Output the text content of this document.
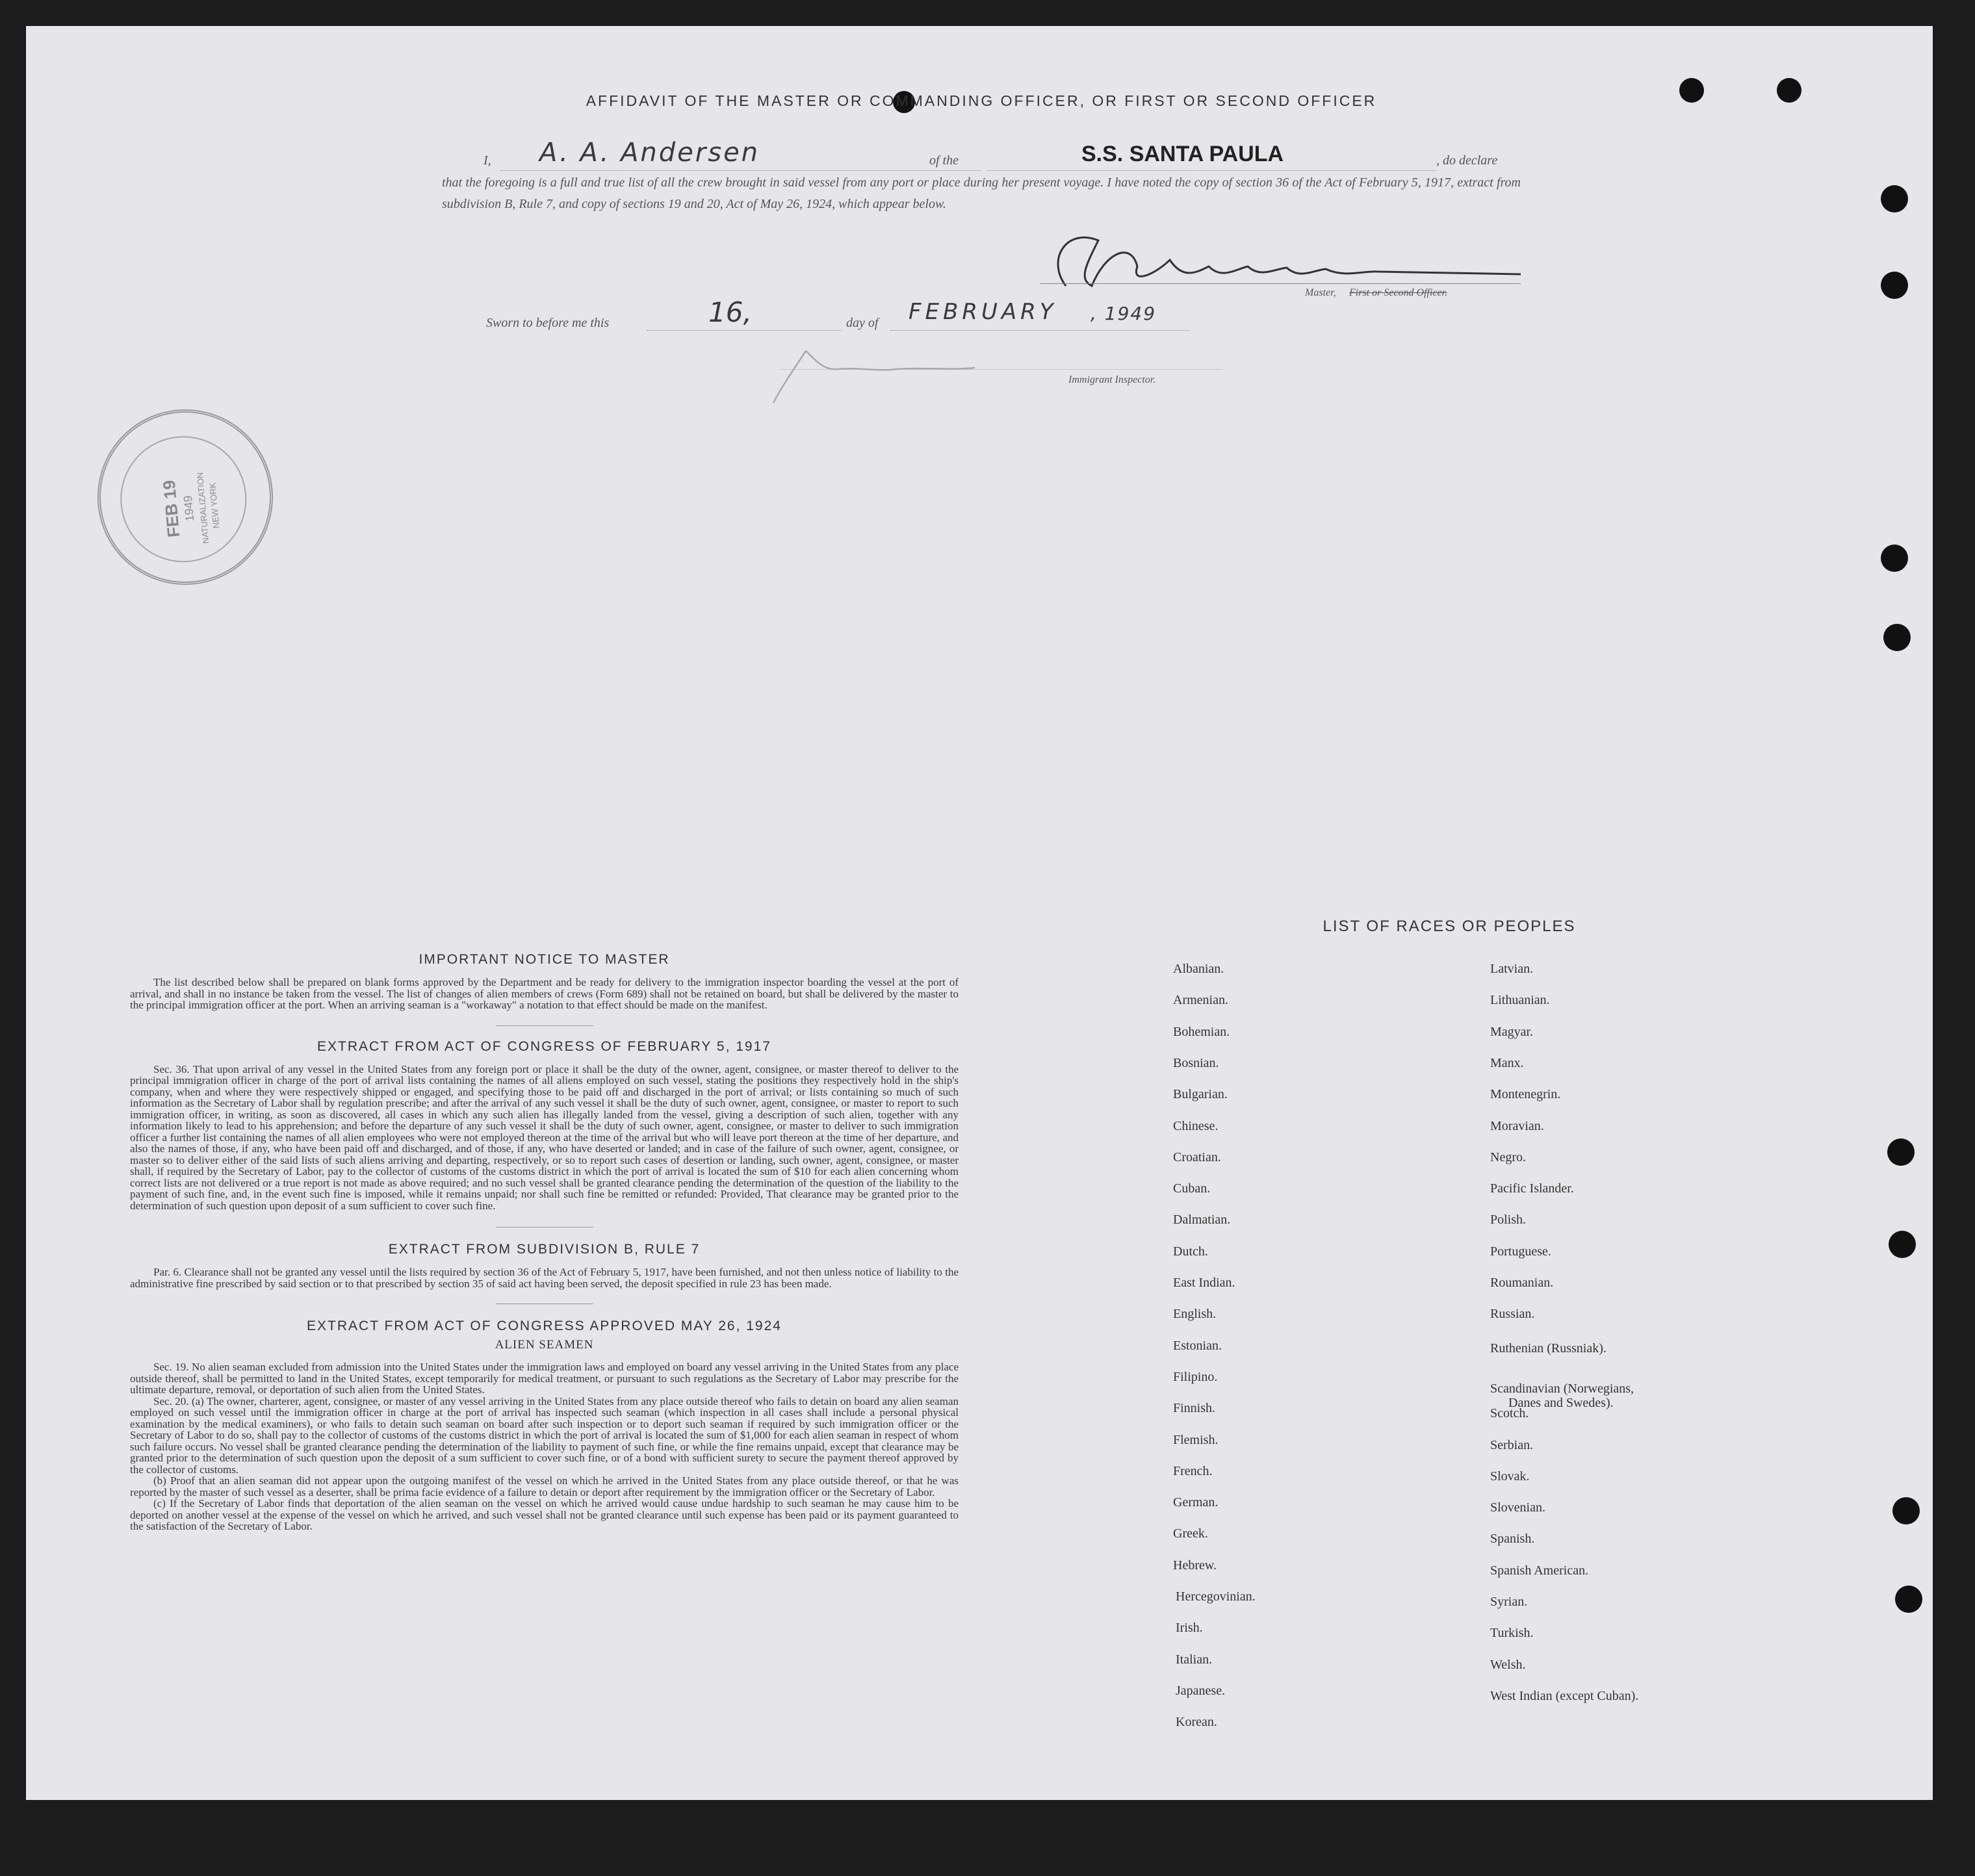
AFFIDAVIT OF THE MASTER OR COMMANDING OFFICER, OR FIRST OR SECOND OFFICER
I, A. A. Andersen	of the	S.S. SANTA PAULA	, do declare
that the foregoing is a full and true list of all the crew brought in said vessel from any port or place during her present voyage. I have noted the copy of section 36 of the Act of February 5, 1917, extract from subdivision B, Rule 7, and copy of sections 19 and 20, Act of May 26, 1924, which appear below.	A A Andersen
Master, First or Second Officer.
Sworn to before me this	16,	day of FEBRUARY , 1949
Immigrant Inspector.
FEB 19
1949
NATURALIZATION
NEW YORK
IMPORTANT NOTICE TO MASTER
The list described below shall be prepared on blank forms approved by the Department and be ready for delivery to the immigration inspector boarding the vessel at the port of arrival, and shall in no instance be taken from the vessel. The list of changes of alien members of crews (Form 689) shall not be retained on board, but shall be delivered by the master to the principal immigration officer at the port. When an arriving seaman is a "workaway" a notation to that effect should be made on the manifest.
EXTRACT FROM ACT OF CONGRESS OF FEBRUARY 5, 1917
Sec. 36. That upon arrival of any vessel in the United States from any foreign port or place it shall be the duty of the owner, agent, consignee, or master thereof to deliver to the principal immigration officer in charge of the port of arrival lists containing the names of all aliens employed on such vessel, stating the positions they respectively hold in the ship's company, when and where they were respectively shipped or engaged, and specifying those to be paid off and discharged in the port of arrival; or lists containing so much of such information as the Secretary of Labor shall by regulation prescribe; and after the arrival of any such vessel it shall be the duty of such owner, agent, consignee, or master to report to such immigration officer, in writing, as soon as discovered, all cases in which any such alien has illegally landed from the vessel, giving a description of such alien, together with any information likely to lead to his apprehension; and before the departure of any such vessel it shall be the duty of such owner, agent, consignee, or master to deliver to such immigration officer a further list containing the names of all alien employees who were not employed thereon at the time of the arrival but who will leave port thereon at the time of her departure, and also the names of those, if any, who have been paid off and discharged, and of those, if any, who have deserted or landed; and in case of the failure of such owner, agent, consignee, or master so to deliver either of the said lists of such aliens arriving and departing, respectively, or so to report such cases of desertion or landing, such owner, agent, consignee, or master shall, if required by the Secretary of Labor, pay to the collector of customs of the customs district in which the port of arrival is located the sum of $10 for each alien concerning whom correct lists are not delivered or a true report is not made as above required; and no such vessel shall be granted clearance pending the determination of the question of the liability to the payment of such fine, and, in the event such fine is imposed, while it remains unpaid; nor shall such fine be remitted or refunded: Provided, That clearance may be granted prior to the determination of such question upon deposit of a sum sufficient to cover such fine.
EXTRACT FROM SUBDIVISION B, RULE 7
Par. 6. Clearance shall not be granted any vessel until the lists required by section 36 of the Act of February 5, 1917, have been furnished, and not then unless notice of liability to the administrative fine prescribed by said section or to that prescribed by section 35 of said act having been served, the deposit specified in rule 23 has been made.
EXTRACT FROM ACT OF CONGRESS APPROVED MAY 26, 1924
ALIEN SEAMEN
Sec. 19. No alien seaman excluded from admission into the United States under the immigration laws and employed on board any vessel arriving in the United States from any place outside thereof, shall be permitted to land in the United States, except temporarily for medical treatment, or pursuant to such regulations as the Secretary of Labor may prescribe for the ultimate departure, removal, or deportation of such alien from the United States.
Sec. 20. (a) The owner, charterer, agent, consignee, or master of any vessel arriving in the United States from any place outside thereof who fails to detain on board any alien seaman employed on such vessel until the immigration officer in charge at the port of arrival has inspected such seaman (which inspection in all cases shall include a personal physical examination by the medical examiners), or who fails to detain such seaman on board after such inspection or to deport such seaman if required by such immigration officer or the Secretary of Labor to do so, shall pay to the collector of customs of the customs district in which the port of arrival is located the sum of $1,000 for each alien seaman in respect of whom such failure occurs. No vessel shall be granted clearance pending the determination of the liability to payment of such fine, or while the fine remains unpaid, except that clearance may be granted prior to the determination of such question upon the deposit of a sum sufficient to cover such fine, or of a bond with sufficient surety to secure the payment thereof approved by the collector of customs.
(b) Proof that an alien seaman did not appear upon the outgoing manifest of the vessel on which he arrived in the United States from any place outside thereof, or that he was reported by the master of such vessel as a deserter, shall be prima facie evidence of a failure to detain or deport after requirement by the immigration officer or the Secretary of Labor.
(c) If the Secretary of Labor finds that deportation of the alien seaman on the vessel on which he arrived would cause undue hardship to such seaman he may cause him to be deported on another vessel at the expense of the vessel on which he arrived, and such vessel shall not be granted clearance until such expense has been paid or its payment guaranteed to the satisfaction of the Secretary of Labor.
LIST OF RACES OR PEOPLES
Albanian.
Armenian.
Bohemian.
Bosnian.
Bulgarian.
Chinese.
Croatian.
Cuban.
Dalmatian.
Dutch.
East Indian.
English.
Estonian.
Filipino.
Finnish.
Flemish.
French.
German.
Greek.
Hebrew.
Hercegovinian.
Irish.
Italian.
Japanese.
Korean.
Latvian.
Lithuanian.
Magyar.
Manx.
Montenegrin.
Moravian.
Negro.
Pacific Islander.
Polish.
Portuguese.
Roumanian.
Russian.
Ruthenian (Russniak).
Scandinavian (Norwegians,
Danes and Swedes).
Scotch.
Serbian.
Slovak.
Slovenian.
Spanish.
Spanish American.
Syrian.
Turkish.
Welsh.
West Indian (except Cuban).
